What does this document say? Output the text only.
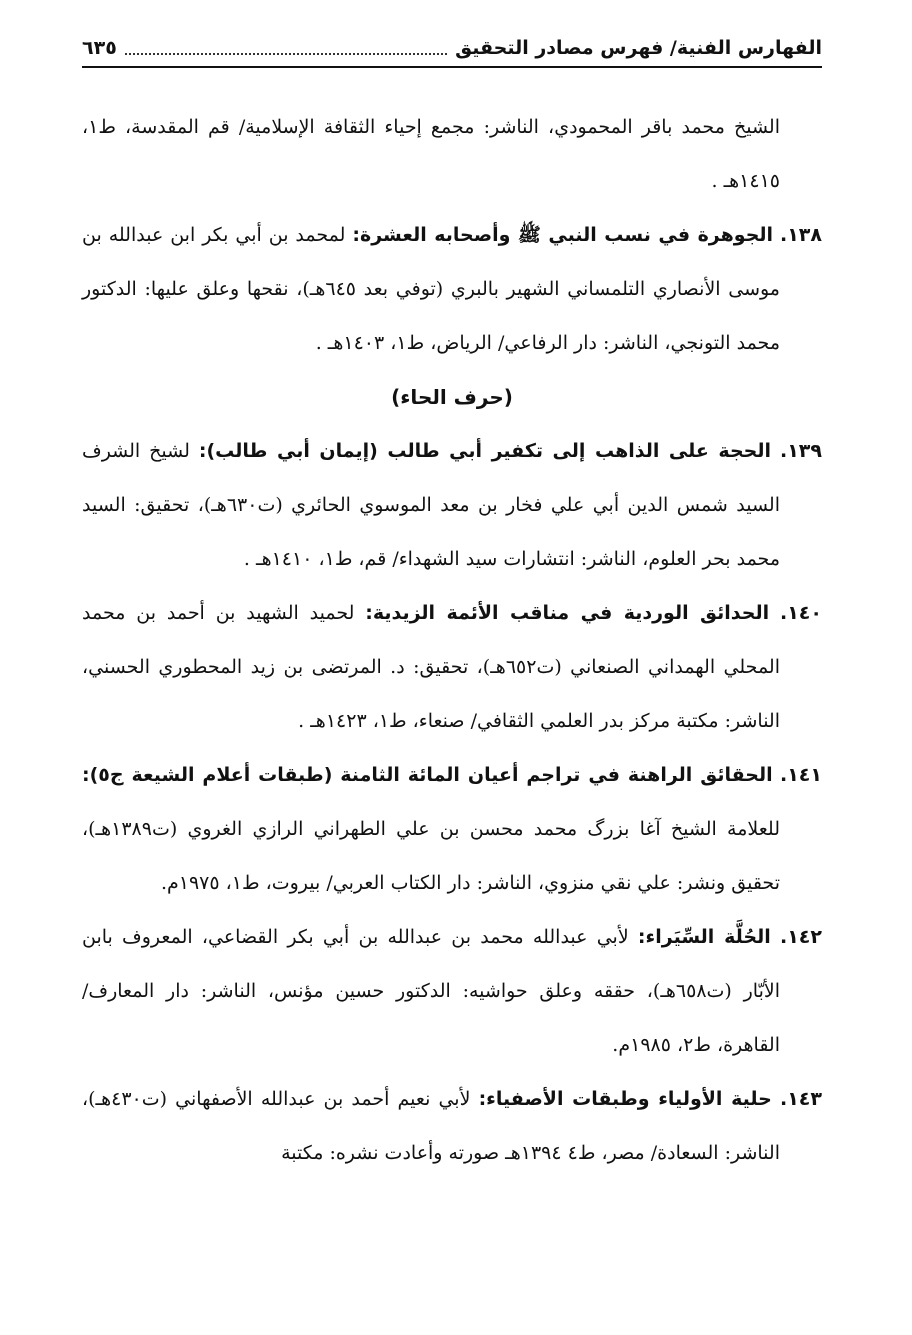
الفهارس الفنية/ فهرس مصادر التحقيق
٦٣٥

الشيخ محمد باقر المحمودي، الناشر: مجمع إحياء الثقافة الإسلامية/ قم المقدسة، ط١، ١٤١٥هـ .

١٣٨. الجوهرة في نسب النبي ﷺ وأصحابه العشرة: لمحمد بن أبي بكر ابن عبدالله بن موسى الأنصاري التلمساني الشهير بالبري (توفي بعد ٦٤٥هـ)، نقحها وعلق عليها: الدكتور محمد التونجي، الناشر: دار الرفاعي/ الرياض، ط١، ١٤٠٣هـ .

(حرف الحاء)

١٣٩. الحجة على الذاهب إلى تكفير أبي طالب (إيمان أبي طالب): لشيخ الشرف السيد شمس الدين أبي علي فخار بن معد الموسوي الحائري (ت٦٣٠هـ)، تحقيق: السيد محمد بحر العلوم، الناشر: انتشارات سيد الشهداء/ قم، ط١، ١٤١٠هـ .

١٤٠. الحدائق الوردية في مناقب الأئمة الزيدية: لحميد الشهيد بن أحمد بن محمد المحلي الهمداني الصنعاني (ت٦٥٢هـ)، تحقيق: د. المرتضى بن زيد المحطوري الحسني، الناشر: مكتبة مركز بدر العلمي الثقافي/ صنعاء، ط١، ١٤٢٣هـ .

١٤١. الحقائق الراهنة في تراجم أعيان المائة الثامنة (طبقات أعلام الشيعة ج٥): للعلامة الشيخ آغا بزرگ محمد محسن بن علي الطهراني الرازي الغروي (ت١٣٨٩هـ)، تحقيق ونشر: علي نقي منزوي، الناشر: دار الكتاب العربي/ بيروت، ط١، ١٩٧٥م.

١٤٢. الحُلَّة السِّيَراء: لأبي عبدالله محمد بن عبدالله بن أبي بكر القضاعي، المعروف بابن الأبّار (ت٦٥٨هـ)، حققه وعلق حواشيه: الدكتور حسين مؤنس، الناشر: دار المعارف/ القاهرة، ط٢، ١٩٨٥م.

١٤٣. حلية الأولياء وطبقات الأصفياء: لأبي نعيم أحمد بن عبدالله الأصفهاني (ت٤٣٠هـ)، الناشر: السعادة/ مصر، ط٤ ١٣٩٤هـ صورته وأعادت نشره: مكتبة
